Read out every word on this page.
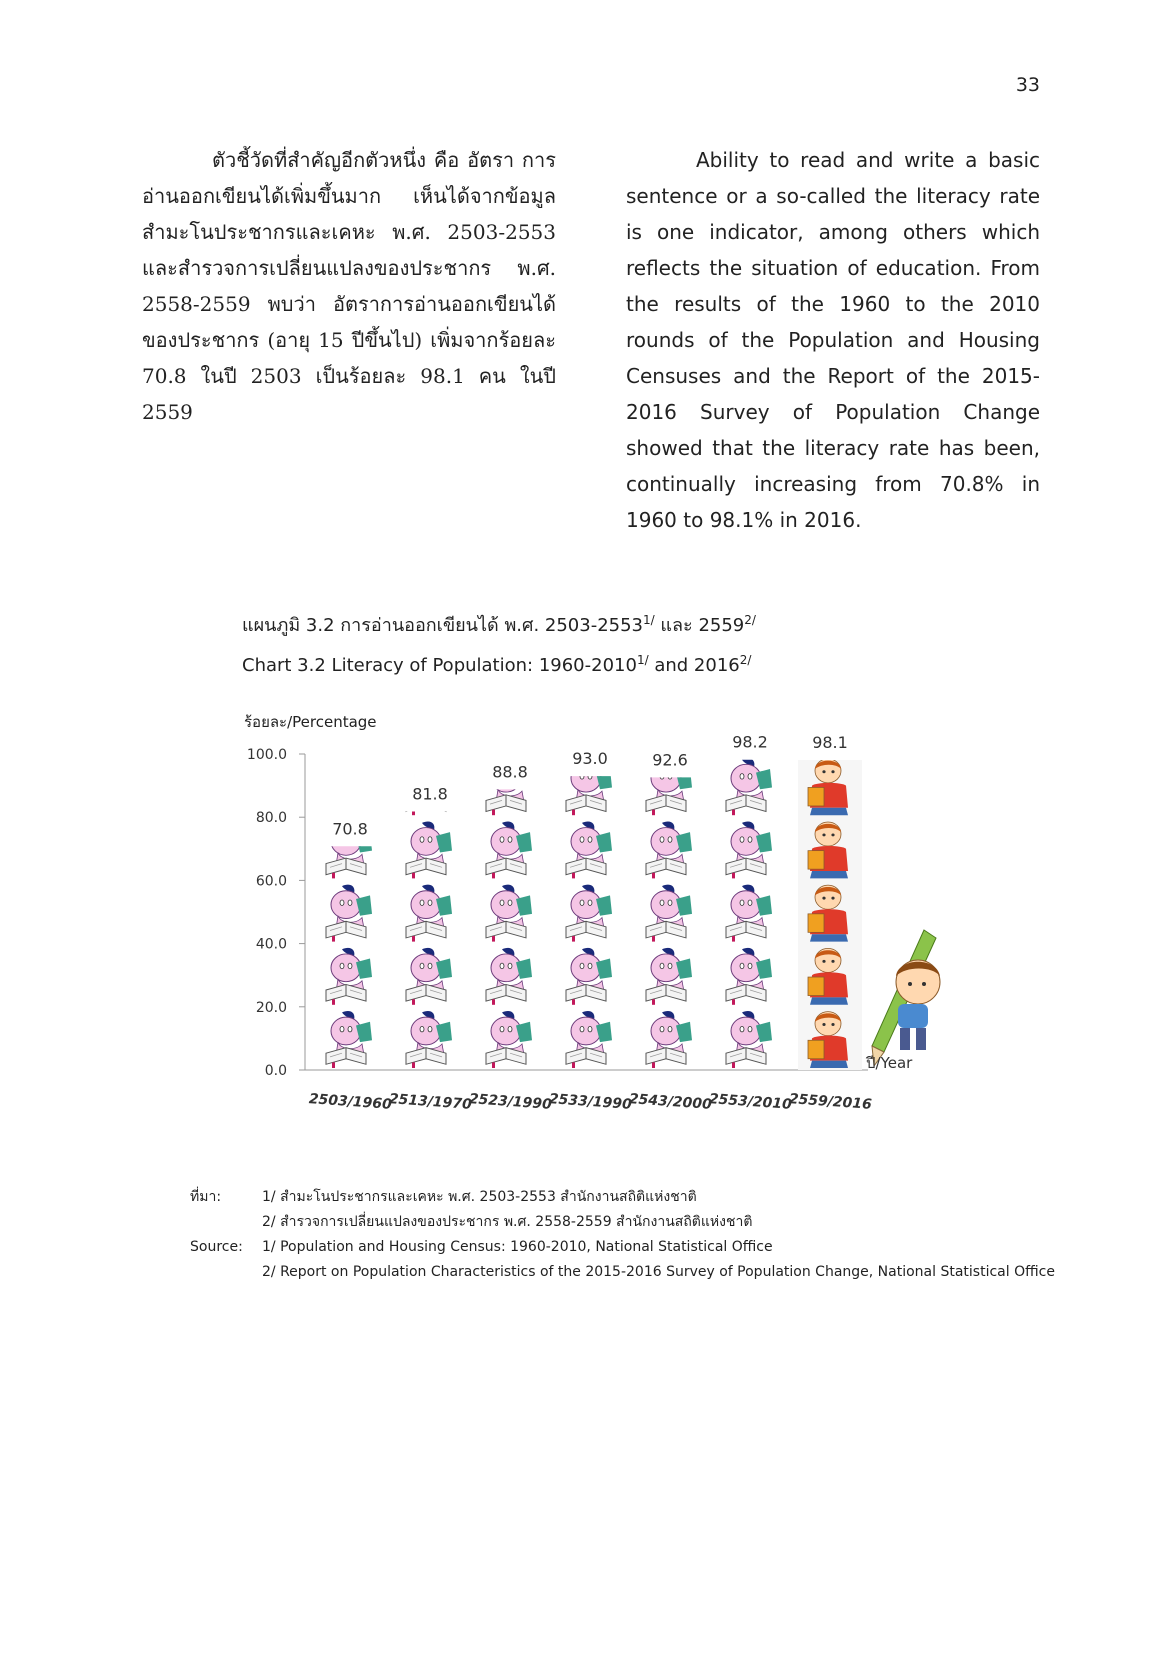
33

ตัวชี้วัดที่สำคัญอีกตัวหนึ่ง คือ อัตรา การอ่านออกเขียนได้เพิ่มขึ้นมาก เห็นได้จากข้อมูล สำมะโนประชากรและเคหะ พ.ศ. 2503-2553 และสำรวจการเปลี่ยนแปลงของประชากร พ.ศ. 2558-2559 พบว่า อัตราการอ่านออกเขียนได้ของประชากร (อายุ 15 ปีขึ้นไป) เพิ่มจากร้อยละ 70.8 ในปี 2503 เป็นร้อยละ 98.1 คน ในปี 2559

Ability to read and write a basic sentence or a so-called the literacy rate is one indicator, among others which reflects the situation of education. From the results of the 1960 to the 2010 rounds of the Population and Housing Censuses and the Report of the 2015-2016 Survey of Population Change showed that the literacy rate has been, continually increasing from 70.8% in 1960 to 98.1% in 2016.

แผนภูมิ 3.2 การอ่านออกเขียนได้ พ.ศ. $2503-2553^{1/}$ และ $2559^{2/}$
Chart 3.2 Literacy of Population: $1960-2010^{1/}$ and $2016^{2/}$
ร้อยละ/Percentage
0.0
20.0
40.0
60.0
80.0
100.0
70.8
2503/1960
81.8
2513/1970
88.8
2523/1990
93.0
2533/1990
92.6
2543/2000
98.2
2553/2010
98.1
2559/2016
ปี/Year
ที่มา:	1/ สำมะโนประชากรและเคหะ พ.ศ. 2503-2553 สำนักงานสถิติแห่งชาติ
2/ สำรวจการเปลี่ยนแปลงของประชากร พ.ศ. 2558-2559 สำนักงานสถิติแห่งชาติ
Source:	1/ Population and Housing Census: 1960-2010, National Statistical Office
2/ Report on Population Characteristics of the 2015-2016 Survey of Population Change, National Statistical Office
